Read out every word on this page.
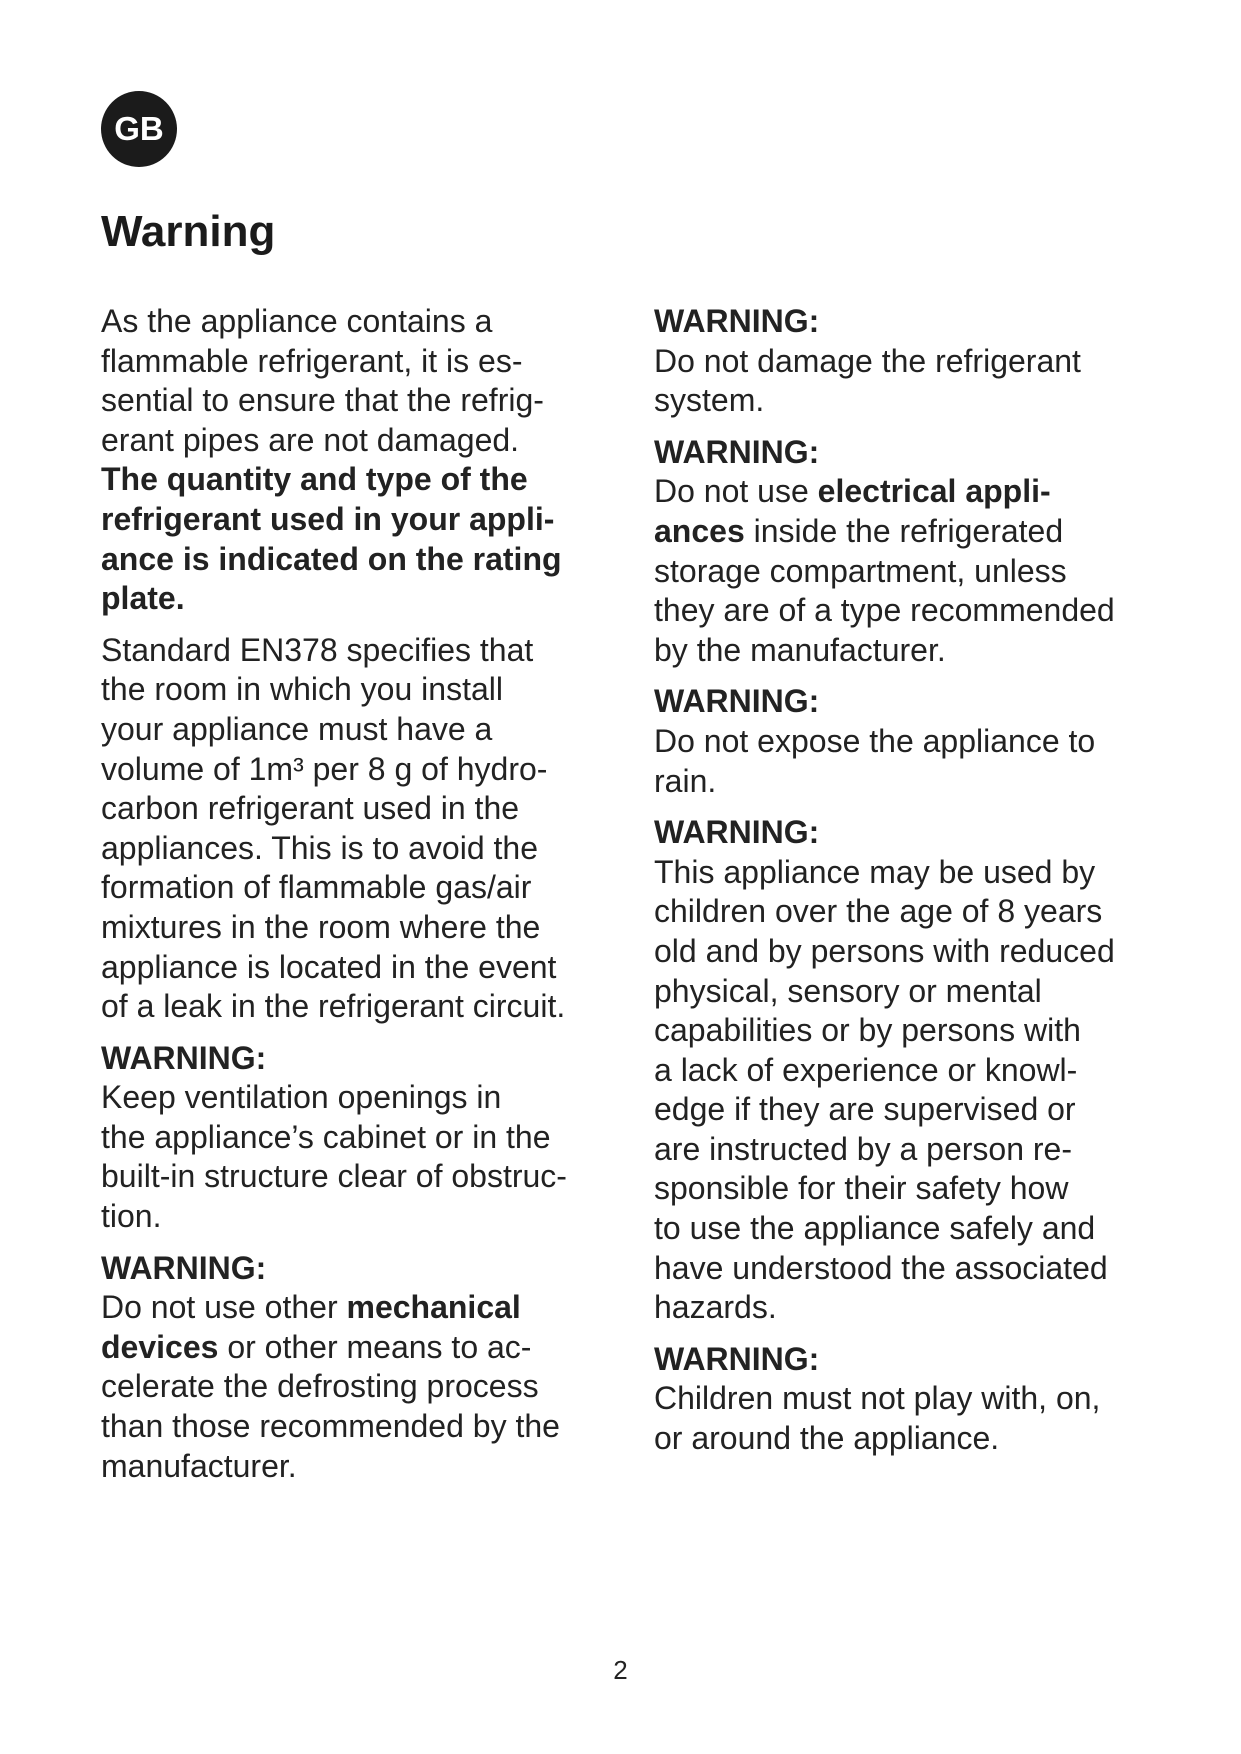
GB
Warning

As the appliance contains a
flammable refrigerant, it is es-
sential to ensure that the refrig-
erant pipes are not damaged.
The quantity and type of the
refrigerant used in your appli-
ance is indicated on the rating
plate.

Standard EN378 specifies that
the room in which you install
your appliance must have a
volume of 1m³ per 8 g of hydro-
carbon refrigerant used in the
appliances. This is to avoid the
formation of flammable gas/air
mixtures in the room where the
appliance is located in the event
of a leak in the refrigerant circuit.

WARNING:
Keep ventilation openings in
the appliance’s cabinet or in the
built-in structure clear of obstruc-
tion.

WARNING:
Do not use other mechanical
devices or other means to ac-
celerate the defrosting process
than those recommended by the
manufacturer.

WARNING:
Do not damage the refrigerant
system.

WARNING:
Do not use electrical appli-
ances inside the refrigerated
storage compartment, unless
they are of a type recommended
by the manufacturer.

WARNING:
Do not expose the appliance to
rain.

WARNING:
This appliance may be used by
children over the age of 8 years
old and by persons with reduced
physical, sensory or mental
capabilities or by persons with
a lack of experience or knowl-
edge if they are supervised or
are instructed by a person re-
sponsible for their safety how
to use the appliance safely and
have understood the associated
hazards.

WARNING:
Children must not play with, on,
or around the appliance.

2
